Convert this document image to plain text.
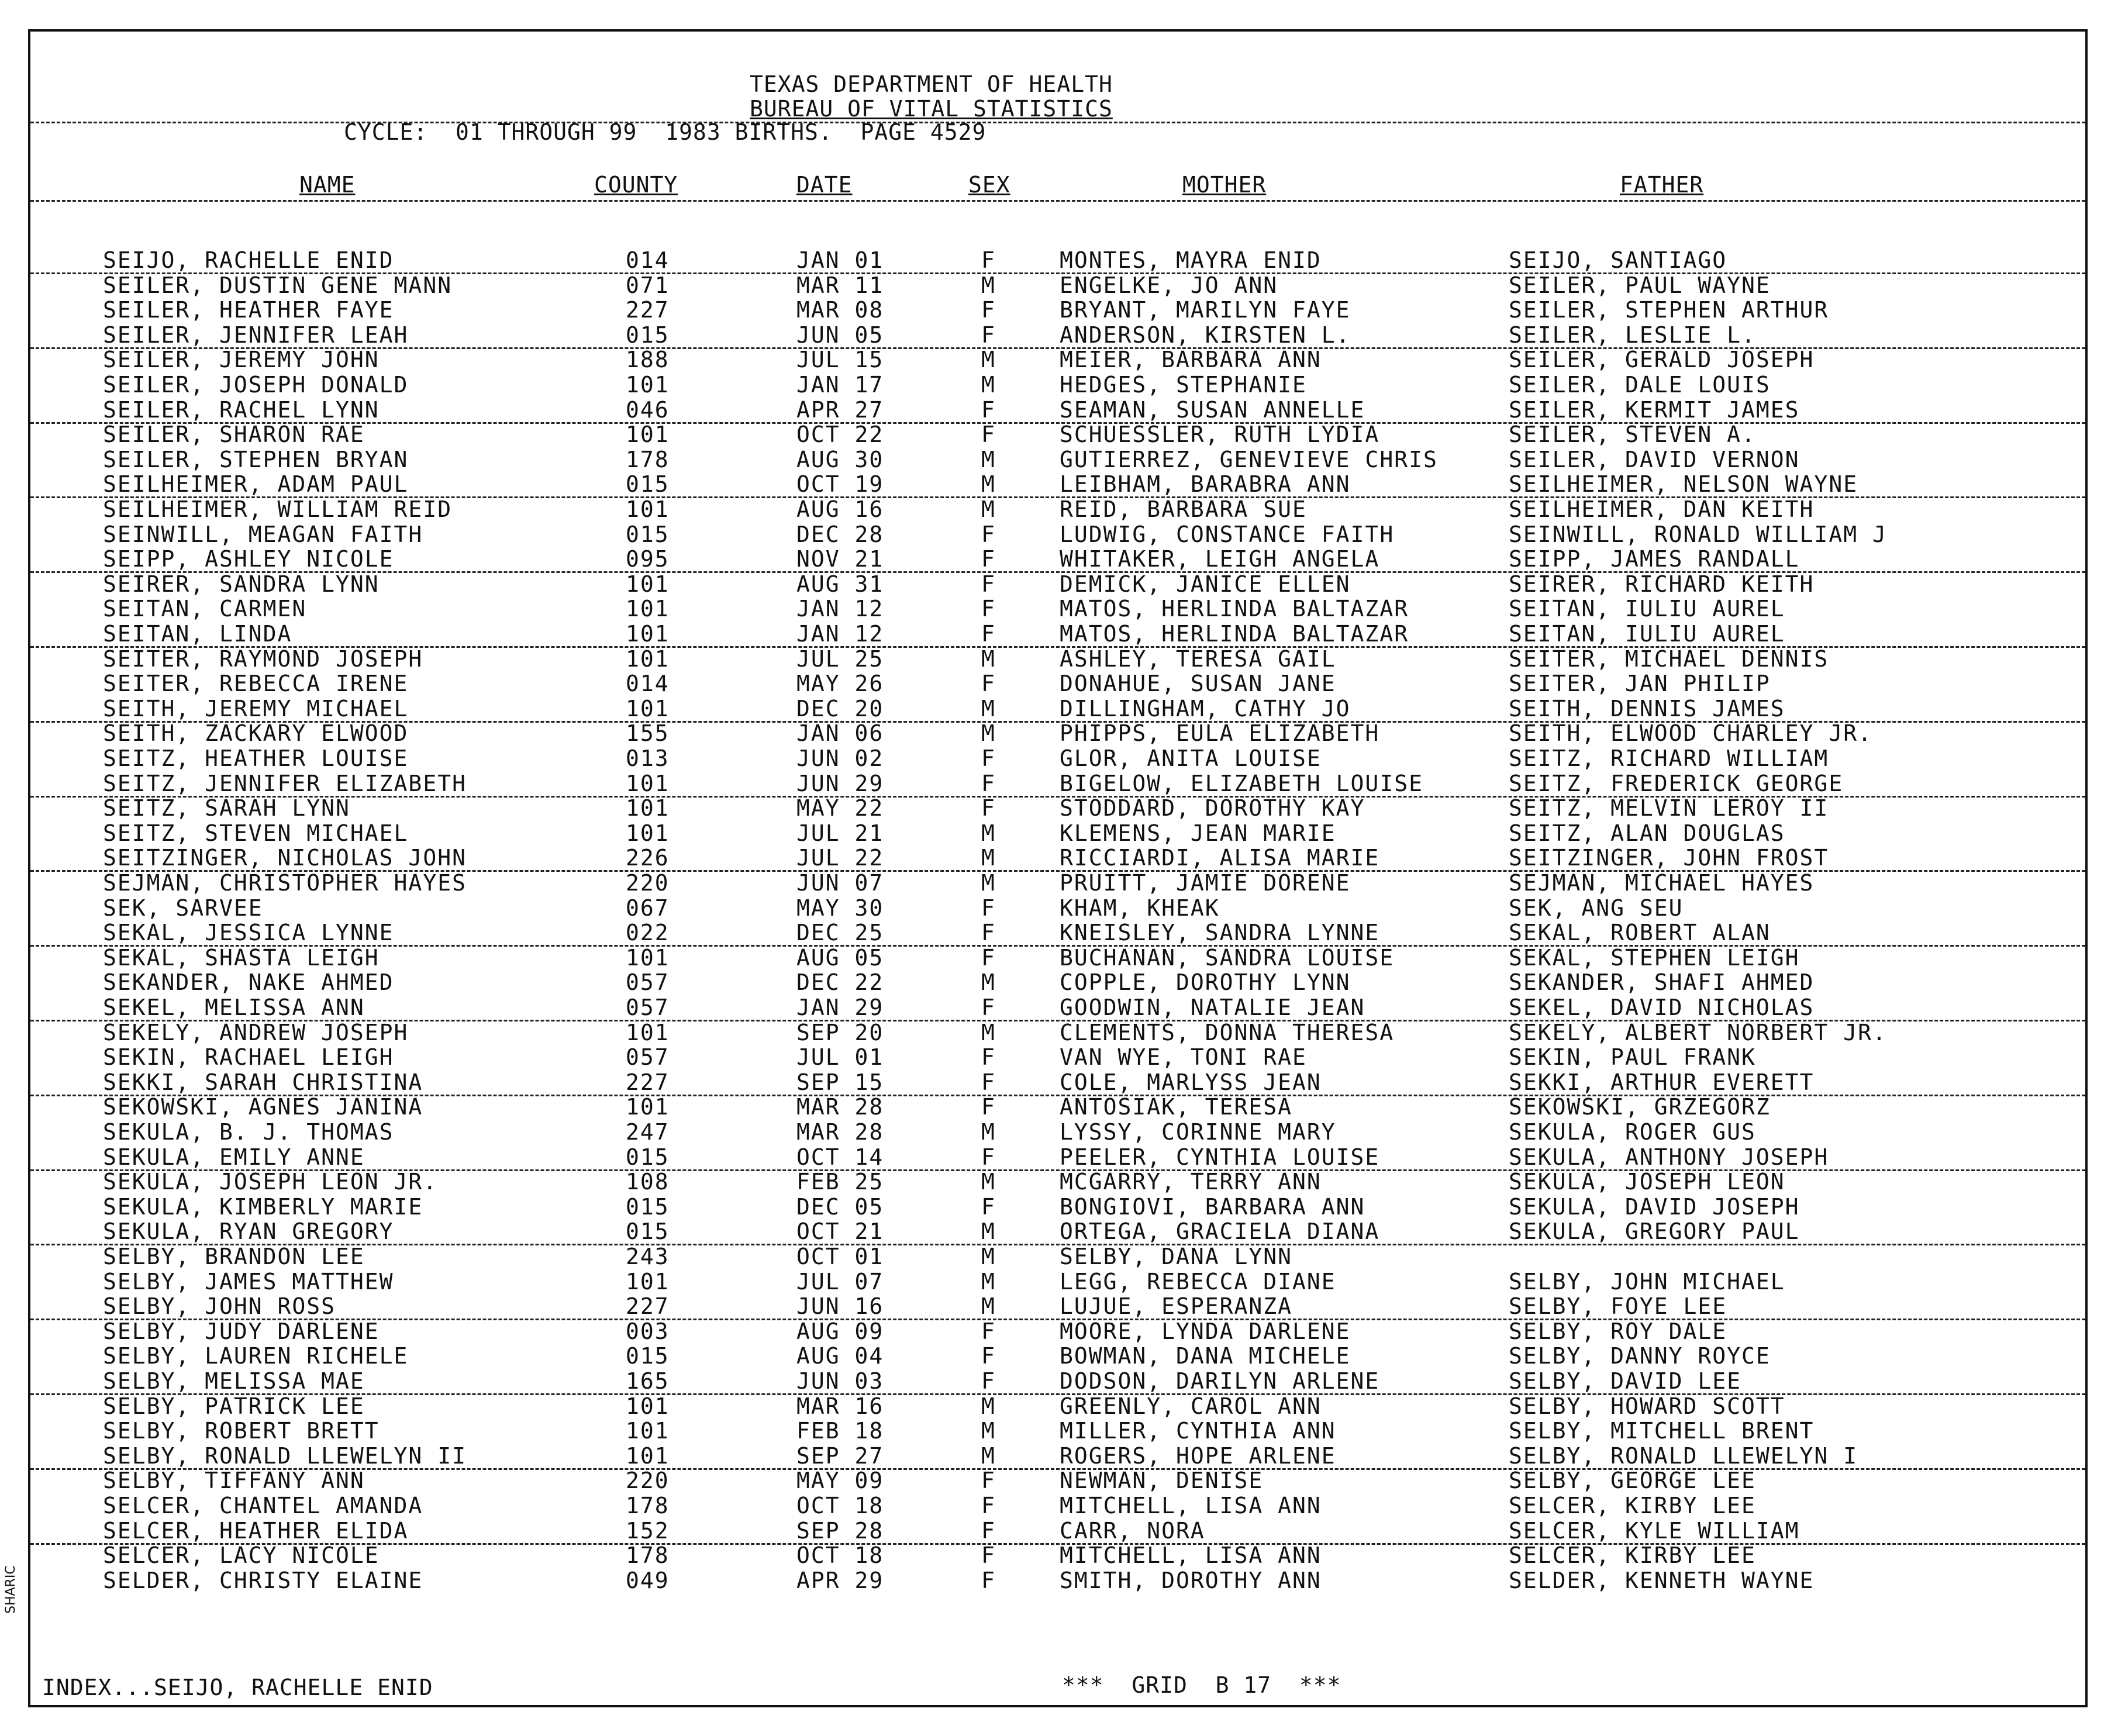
TEXAS DEPARTMENT OF HEALTH
BUREAU OF VITAL STATISTICS
CYCLE:  01 THROUGH 99  1983 BIRTHS.  PAGE 4529
NAME	COUNTY	DATE	SEX	MOTHER	FATHER
SEIJO, RACHELLE ENID	014	JAN 01	F	MONTES, MAYRA ENID	SEIJO, SANTIAGO
SEILER, DUSTIN GENE MANN	071	MAR 11	M	ENGELKE, JO ANN	SEILER, PAUL WAYNE
SEILER, HEATHER FAYE	227	MAR 08	F	BRYANT, MARILYN FAYE	SEILER, STEPHEN ARTHUR
SEILER, JENNIFER LEAH	015	JUN 05	F	ANDERSON, KIRSTEN L.	SEILER, LESLIE L.
SEILER, JEREMY JOHN	188	JUL 15	M	MEIER, BARBARA ANN	SEILER, GERALD JOSEPH
SEILER, JOSEPH DONALD	101	JAN 17	M	HEDGES, STEPHANIE	SEILER, DALE LOUIS
SEILER, RACHEL LYNN	046	APR 27	F	SEAMAN, SUSAN ANNELLE	SEILER, KERMIT JAMES
SEILER, SHARON RAE	101	OCT 22	F	SCHUESSLER, RUTH LYDIA	SEILER, STEVEN A.
SEILER, STEPHEN BRYAN	178	AUG 30	M	GUTIERREZ, GENEVIEVE CHRIS	SEILER, DAVID VERNON
SEILHEIMER, ADAM PAUL	015	OCT 19	M	LEIBHAM, BARABRA ANN	SEILHEIMER, NELSON WAYNE
SEILHEIMER, WILLIAM REID	101	AUG 16	M	REID, BARBARA SUE	SEILHEIMER, DAN KEITH
SEINWILL, MEAGAN FAITH	015	DEC 28	F	LUDWIG, CONSTANCE FAITH	SEINWILL, RONALD WILLIAM J
SEIPP, ASHLEY NICOLE	095	NOV 21	F	WHITAKER, LEIGH ANGELA	SEIPP, JAMES RANDALL
SEIRER, SANDRA LYNN	101	AUG 31	F	DEMICK, JANICE ELLEN	SEIRER, RICHARD KEITH
SEITAN, CARMEN	101	JAN 12	F	MATOS, HERLINDA BALTAZAR	SEITAN, IULIU AUREL
SEITAN, LINDA	101	JAN 12	F	MATOS, HERLINDA BALTAZAR	SEITAN, IULIU AUREL
SEITER, RAYMOND JOSEPH	101	JUL 25	M	ASHLEY, TERESA GAIL	SEITER, MICHAEL DENNIS
SEITER, REBECCA IRENE	014	MAY 26	F	DONAHUE, SUSAN JANE	SEITER, JAN PHILIP
SEITH, JEREMY MICHAEL	101	DEC 20	M	DILLINGHAM, CATHY JO	SEITH, DENNIS JAMES
SEITH, ZACKARY ELWOOD	155	JAN 06	M	PHIPPS, EULA ELIZABETH	SEITH, ELWOOD CHARLEY JR.
SEITZ, HEATHER LOUISE	013	JUN 02	F	GLOR, ANITA LOUISE	SEITZ, RICHARD WILLIAM
SEITZ, JENNIFER ELIZABETH	101	JUN 29	F	BIGELOW, ELIZABETH LOUISE	SEITZ, FREDERICK GEORGE
SEITZ, SARAH LYNN	101	MAY 22	F	STODDARD, DOROTHY KAY	SEITZ, MELVIN LEROY II
SEITZ, STEVEN MICHAEL	101	JUL 21	M	KLEMENS, JEAN MARIE	SEITZ, ALAN DOUGLAS
SEITZINGER, NICHOLAS JOHN	226	JUL 22	M	RICCIARDI, ALISA MARIE	SEITZINGER, JOHN FROST
SEJMAN, CHRISTOPHER HAYES	220	JUN 07	M	PRUITT, JAMIE DORENE	SEJMAN, MICHAEL HAYES
SEK, SARVEE	067	MAY 30	F	KHAM, KHEAK	SEK, ANG SEU
SEKAL, JESSICA LYNNE	022	DEC 25	F	KNEISLEY, SANDRA LYNNE	SEKAL, ROBERT ALAN
SEKAL, SHASTA LEIGH	101	AUG 05	F	BUCHANAN, SANDRA LOUISE	SEKAL, STEPHEN LEIGH
SEKANDER, NAKE AHMED	057	DEC 22	M	COPPLE, DOROTHY LYNN	SEKANDER, SHAFI AHMED
SEKEL, MELISSA ANN	057	JAN 29	F	GOODWIN, NATALIE JEAN	SEKEL, DAVID NICHOLAS
SEKELY, ANDREW JOSEPH	101	SEP 20	M	CLEMENTS, DONNA THERESA	SEKELY, ALBERT NORBERT JR.
SEKIN, RACHAEL LEIGH	057	JUL 01	F	VAN WYE, TONI RAE	SEKIN, PAUL FRANK
SEKKI, SARAH CHRISTINA	227	SEP 15	F	COLE, MARLYSS JEAN	SEKKI, ARTHUR EVERETT
SEKOWSKI, AGNES JANINA	101	MAR 28	F	ANTOSIAK, TERESA	SEKOWSKI, GRZEGORZ
SEKULA, B. J. THOMAS	247	MAR 28	M	LYSSY, CORINNE MARY	SEKULA, ROGER GUS
SEKULA, EMILY ANNE	015	OCT 14	F	PEELER, CYNTHIA LOUISE	SEKULA, ANTHONY JOSEPH
SEKULA, JOSEPH LEON JR.	108	FEB 25	M	MCGARRY, TERRY ANN	SEKULA, JOSEPH LEON
SEKULA, KIMBERLY MARIE	015	DEC 05	F	BONGIOVI, BARBARA ANN	SEKULA, DAVID JOSEPH
SEKULA, RYAN GREGORY	015	OCT 21	M	ORTEGA, GRACIELA DIANA	SEKULA, GREGORY PAUL
SELBY, BRANDON LEE	243	OCT 01	M	SELBY, DANA LYNN
SELBY, JAMES MATTHEW	101	JUL 07	M	LEGG, REBECCA DIANE	SELBY, JOHN MICHAEL
SELBY, JOHN ROSS	227	JUN 16	M	LUJUE, ESPERANZA	SELBY, FOYE LEE
SELBY, JUDY DARLENE	003	AUG 09	F	MOORE, LYNDA DARLENE	SELBY, ROY DALE
SELBY, LAUREN RICHELE	015	AUG 04	F	BOWMAN, DANA MICHELE	SELBY, DANNY ROYCE
SELBY, MELISSA MAE	165	JUN 03	F	DODSON, DARILYN ARLENE	SELBY, DAVID LEE
SELBY, PATRICK LEE	101	MAR 16	M	GREENLY, CAROL ANN	SELBY, HOWARD SCOTT
SELBY, ROBERT BRETT	101	FEB 18	M	MILLER, CYNTHIA ANN	SELBY, MITCHELL BRENT
SELBY, RONALD LLEWELYN II	101	SEP 27	M	ROGERS, HOPE ARLENE	SELBY, RONALD LLEWELYN I
SELBY, TIFFANY ANN	220	MAY 09	F	NEWMAN, DENISE	SELBY, GEORGE LEE
SELCER, CHANTEL AMANDA	178	OCT 18	F	MITCHELL, LISA ANN	SELCER, KIRBY LEE
SELCER, HEATHER ELIDA	152	SEP 28	F	CARR, NORA	SELCER, KYLE WILLIAM
SELCER, LACY NICOLE	178	OCT 18	F	MITCHELL, LISA ANN	SELCER, KIRBY LEE
SELDER, CHRISTY ELAINE	049	APR 29	F	SMITH, DOROTHY ANN	SELDER, KENNETH WAYNE
INDEX...SEIJO, RACHELLE ENID	***  GRID  B 17  ***
SHARIC
